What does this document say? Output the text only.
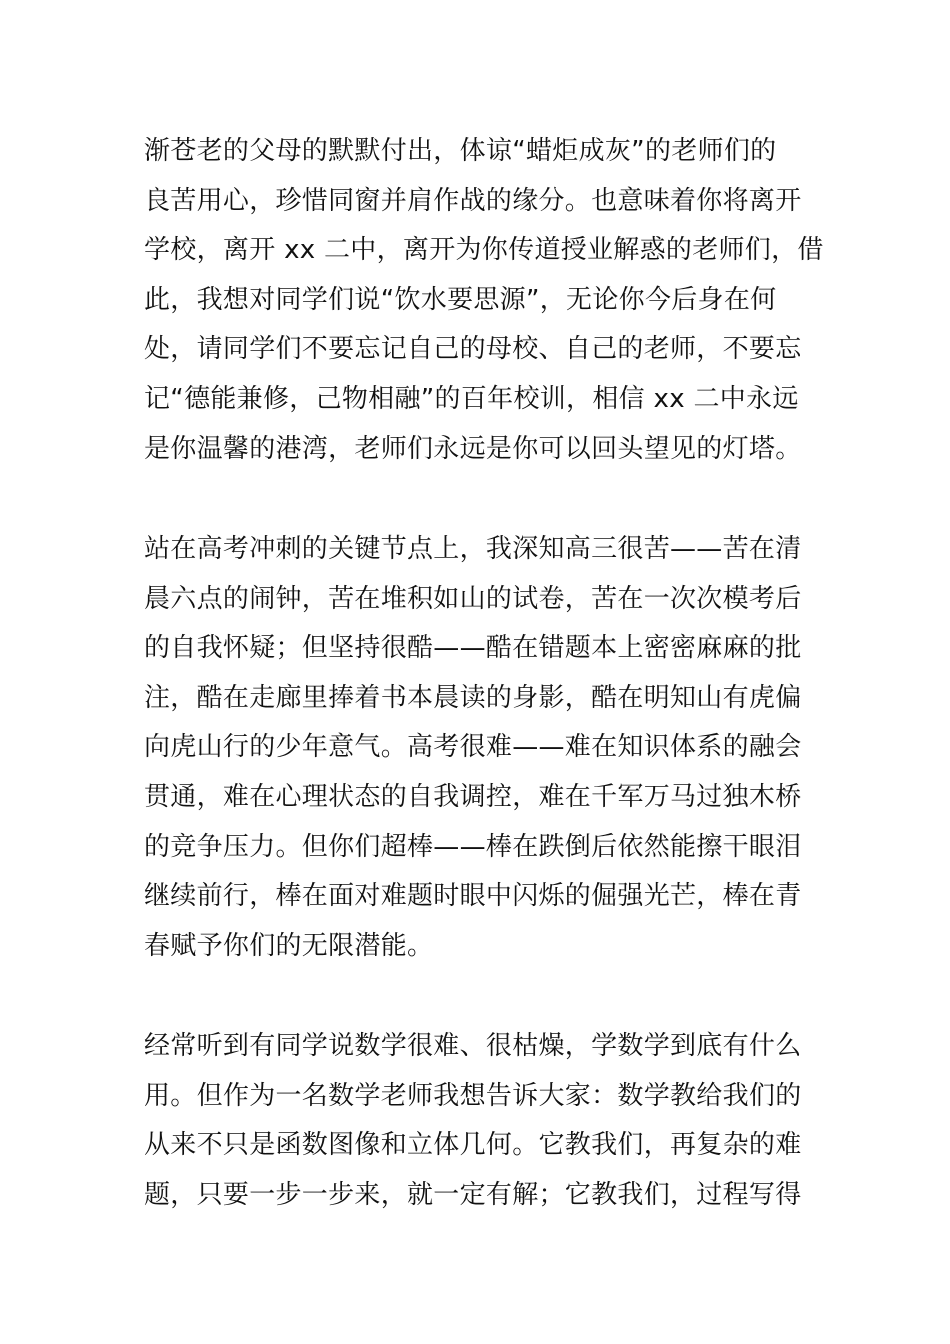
渐苍老的父母的默默付出，体谅“蜡炬成灰”的老师们的
良苦用心，珍惜同窗并肩作战的缘分。也意味着你将离开
学校，离开 xx 二中，离开为你传道授业解惑的老师们，借
此，我想对同学们说“饮水要思源”，无论你今后身在何
处，请同学们不要忘记自己的母校、自己的老师，不要忘
记“德能兼修，己物相融”的百年校训，相信 xx 二中永远
是你温馨的港湾，老师们永远是你可以回头望见的灯塔。
站在高考冲刺的关键节点上，我深知高三很苦——苦在清
晨六点的闹钟，苦在堆积如山的试卷，苦在一次次模考后
的自我怀疑；但坚持很酷——酷在错题本上密密麻麻的批
注，酷在走廊里捧着书本晨读的身影，酷在明知山有虎偏
向虎山行的少年意气。高考很难——难在知识体系的融会
贯通，难在心理状态的自我调控，难在千军万马过独木桥
的竞争压力。但你们超棒——棒在跌倒后依然能擦干眼泪
继续前行，棒在面对难题时眼中闪烁的倔强光芒，棒在青
春赋予你们的无限潜能。
经常听到有同学说数学很难、很枯燥，学数学到底有什么
用。但作为一名数学老师我想告诉大家：数学教给我们的
从来不只是函数图像和立体几何。它教我们，再复杂的难
题，只要一步一步来，就一定有解；它教我们，过程写得
